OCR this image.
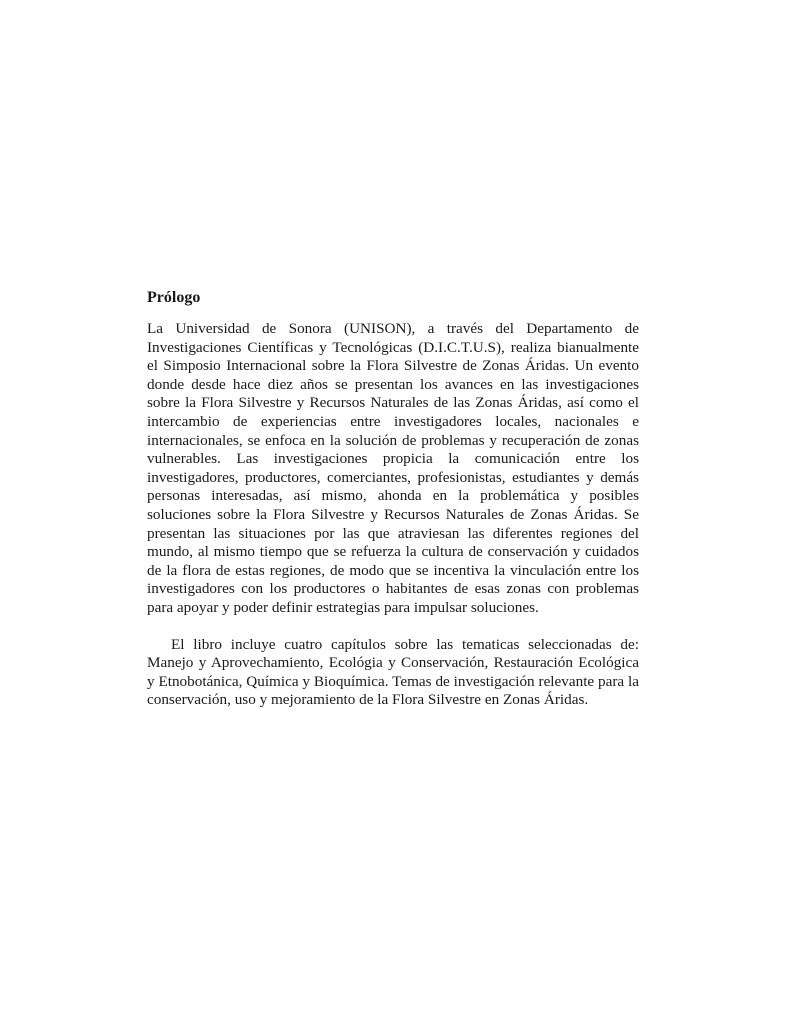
Prólogo

La Universidad de Sonora (UNISON), a través del Departamento de Investigaciones Científicas y Tecnológicas (D.I.C.T.U.S), realiza bianualmente el Simposio Internacional sobre la Flora Silvestre de Zonas Áridas. Un evento donde desde hace diez años se presentan los avances en las investigaciones sobre la Flora Silvestre y Recursos Naturales de las Zonas Áridas, así como el intercambio de experiencias entre investigadores locales, nacionales e internacionales, se enfoca en la solución de problemas y recuperación de zonas vulnerables. Las investigaciones propicia la comunicación entre los investigadores, productores, comerciantes, profesionistas, estudiantes y demás personas interesadas, así mismo, ahonda en la problemática y posibles soluciones sobre la Flora Silvestre y Recursos Naturales de Zonas Áridas. Se presentan las situaciones por las que atraviesan las diferentes regiones del mundo, al mismo tiempo que se refuerza la cultura de conservación y cuidados de la flora de estas regiones, de modo que se incentiva la vinculación entre los investigadores con los productores o habitantes de esas zonas con problemas para apoyar y poder definir estrategias para impulsar soluciones.

El libro incluye cuatro capítulos sobre las tematicas seleccionadas de: Manejo y Aprovechamiento, Ecológia y Conservación, Restauración Ecológica y Etnobotánica, Química y Bioquímica. Temas de investigación relevante para la conservación, uso y mejoramiento de la Flora Silvestre en Zonas Áridas.
